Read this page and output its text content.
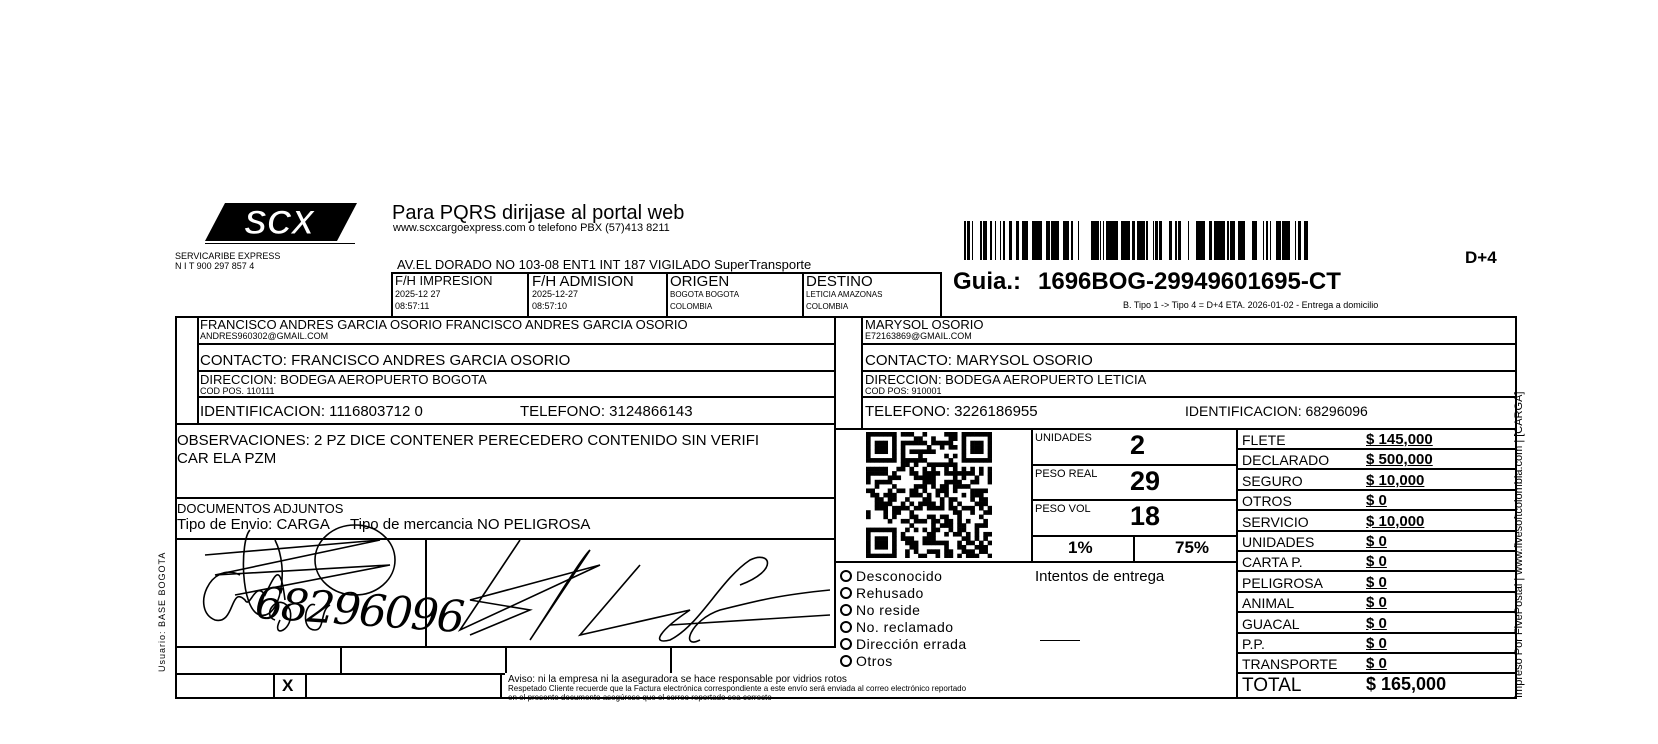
SCX
SERVICARIBE EXPRESS
N I T 900 297 857 4
Para PQRS dirijase al portal web
www.scxcargoexpress.com o telefono PBX (57)413 8211
AV.EL DORADO NO 103-08 ENT1 INT 187 VIGILADO SuperTransporte	D+4
Guia.: 1696BOG-29949601695-CT
B. Tipo 1 -> Tipo 4 = D+4 ETA. 2026-01-02 - Entrega a domicilio
F/H IMPRESION
2025-12 27
08:57:11
F/H ADMISION
2025-12-27
08:57:10
ORIGEN
BOGOTA BOGOTA
COLOMBIA
DESTINO
LETICIA AMAZONAS
COLOMBIA
FRANCISCO ANDRES GARCIA OSORIO FRANCISCO ANDRES GARCIA OSORIO
ANDRES960302@GMAIL.COM
CONTACTO: FRANCISCO ANDRES GARCIA OSORIO
DIRECCION: BODEGA AEROPUERTO BOGOTA
COD POS. 110111
IDENTIFICACION: 1116803712 0	TELEFONO: 3124866143
MARYSOL OSORIO
E72163869@GMAIL.COM
CONTACTO: MARYSOL OSORIO
DIRECCION: BODEGA AEROPUERTO LETICIA
COD POS: 910001
TELEFONO: 3226186955	IDENTIFICACION: 68296096
OBSERVACIONES: 2 PZ DICE CONTENER PERECEDERO CONTENIDO SIN VERIFI
CAR ELA PZM
DOCUMENTOS ADJUNTOS
Tipo de Envio: CARGA Tipo de mercancia NO PELIGROSA
68296096
X	Aviso: ni la empresa ni la aseguradora se hace responsable por vidrios rotos
Respetado Cliente recuerde que la Factura electrónica correspondiente a este envío será enviada al correo electrónico reportado
en el presente documento asegúrese que el correo reportado sea correcto
UNIDADES 2
PESO REAL 29
PESO VOL 18
1%	75%
Intentos de entrega
Desconocido
Rehusado
No reside
No. reclamado
Dirección errada
Otros
FLETE	$ 145,000
DECLARADO $ 500,000
SEGURO	$ 10,000
OTROS	$ 0
SERVICIO	$ 10,000
UNIDADES	$ 0
CARTA P.	$ 0
PELIGROSA	$ 0
ANIMAL	$ 0
GUACAL	$ 0
P.P.	$ 0
TRANSPORTE $ 0
TOTAL	$ 165,000
Usuario: BASE BOGOTA	Impreso Por FivePostal | www.fivesoftcolombia.com | [CARGA]
